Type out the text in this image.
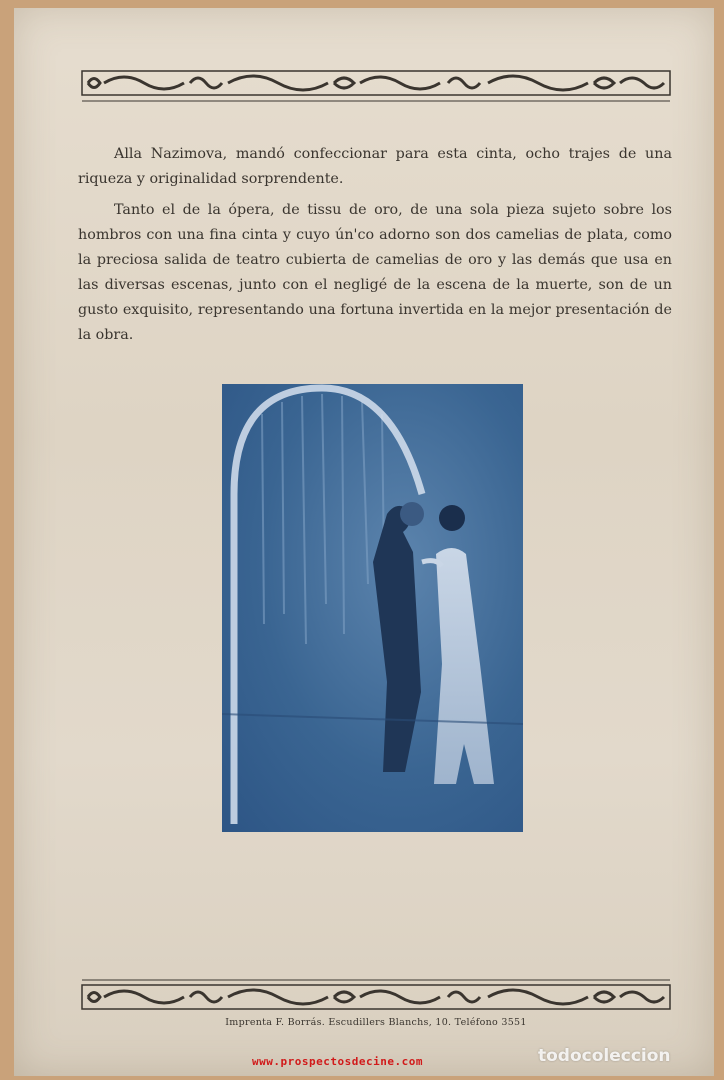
Alla Nazimova, mandó confeccionar para esta cinta, ocho trajes de una riqueza y originalidad sorprendente.

Tanto el de la ópera, de tissu de oro, de una sola pieza sujeto sobre los hombros con una fina cinta y cuyo ún'co adorno son dos camelias de plata, como la preciosa salida de teatro cubierta de camelias de oro y las demás que usa en las diversas escenas, junto con el negligé de la escena de la muerte, son de un gusto exquisito, representando una fortuna invertida en la mejor presentación de la obra.

Imprenta F. Borrás. Escudillers Blanchs, 10. Teléfono 3551
www.prospectosdecine.com	todocoleccion
